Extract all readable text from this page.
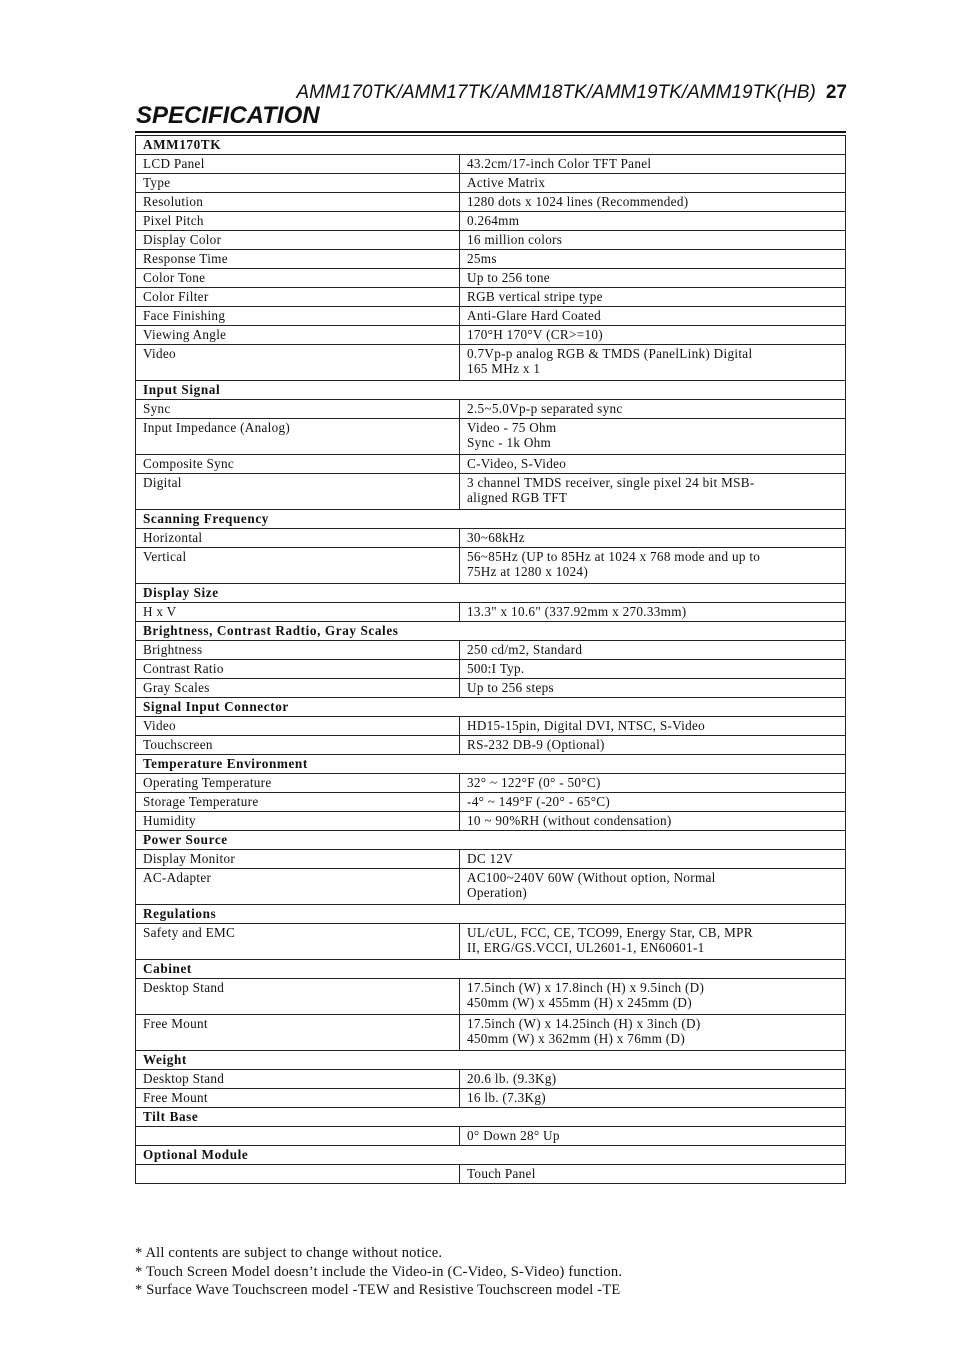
AMM170TK/AMM17TK/AMM18TK/AMM19TK/AMM19TK(HB) 27
SPECIFICATION
AMM170TK	
LCD Panel	43.2cm/17-inch Color TFT Panel
Type	Active Matrix
Resolution	1280 dots x 1024 lines (Recommended)
Pixel Pitch	0.264mm
Display Color	16 million colors
Response Time	25ms
Color Tone	Up to 256 tone
Color Filter	RGB vertical stripe type
Face Finishing	Anti-Glare Hard Coated
Viewing Angle	170°H 170°V (CR>=10)
Video	0.7Vp-p analog RGB & TMDS (PanelLink) Digital
165 MHz x 1
Input Signal	
Sync	2.5~5.0Vp-p separated sync
Input Impedance (Analog)	Video - 75 Ohm
Sync - 1k Ohm
Composite Sync	C-Video, S-Video
Digital	3 channel TMDS receiver, single pixel 24 bit MSB-
aligned RGB TFT
Scanning Frequency	
Horizontal	30~68kHz
Vertical	56~85Hz (UP to 85Hz at 1024 x 768 mode and up to
75Hz at 1280 x 1024)
Display Size	
H x V	13.3" x 10.6" (337.92mm x 270.33mm)
Brightness, Contrast Radtio, Gray Scales	
Brightness	250 cd/m2, Standard
Contrast Ratio	500:I Typ.
Gray Scales	Up to 256 steps
Signal Input Connector	
Video	HD15-15pin, Digital DVI, NTSC, S-Video
Touchscreen	RS-232 DB-9 (Optional)
Temperature Environment	
Operating Temperature	32° ~ 122°F (0° - 50°C)
Storage Temperature	-4° ~ 149°F (-20° - 65°C)
Humidity	10 ~ 90%RH (without condensation)
Power Source	
Display Monitor	DC 12V
AC-Adapter	AC100~240V 60W (Without option, Normal
Operation)
Regulations	
Safety and EMC	UL/cUL, FCC, CE, TCO99, Energy Star, CB, MPR
II, ERG/GS.VCCI, UL2601-1, EN60601-1
Cabinet	
Desktop Stand	17.5inch (W) x 17.8inch (H) x 9.5inch (D)
450mm (W) x 455mm (H) x 245mm (D)
Free Mount	17.5inch (W) x 14.25inch (H) x 3inch (D)
450mm (W) x 362mm (H) x 76mm (D)
Weight	
Desktop Stand	20.6 lb. (9.3Kg)
Free Mount	16 lb. (7.3Kg)
Tilt Base	
	0° Down 28° Up
Optional Module	
	Touch Panel
* All contents are subject to change without notice.
* Touch Screen Model doesn’t include the Video-in (C-Video, S-Video) function.
* Surface Wave Touchscreen model -TEW and Resistive Touchscreen model -TE
